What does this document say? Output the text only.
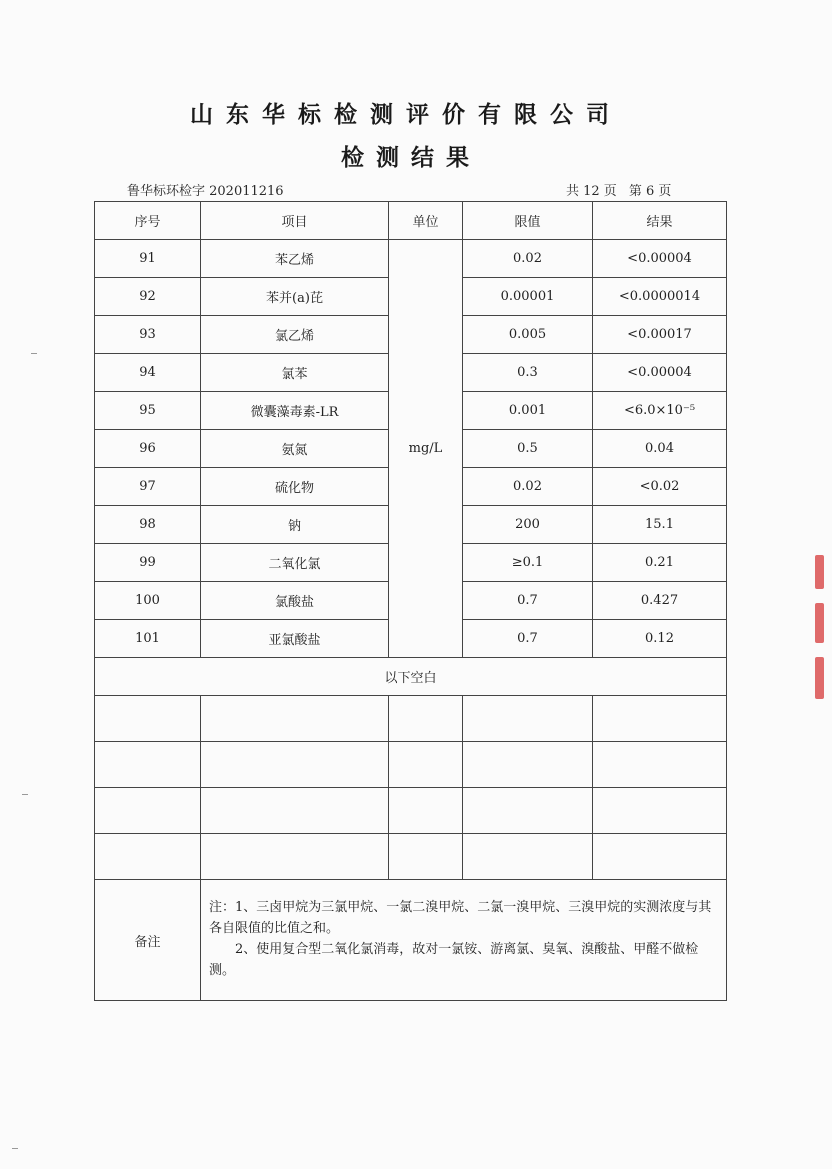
山东华标检测评价有限公司
检测结果
鲁华标环检字 202011216	共 12 页 第 6 页
序号	项目	单位	限值	结果
91	苯乙烯	mg/L	0.02	<0.00004
92	苯并(a)芘		0.00001	<0.0000014
93	氯乙烯		0.005	<0.00017
94	氯苯		0.3	<0.00004
95	微囊藻毒素-LR		0.001	<6.0×10⁻⁵
96	氨氮		0.5	0.04
97	硫化物		0.02	<0.02
98	钠		200	15.1
99	二氧化氯		≥0.1	0.21
100	氯酸盐		0.7	0.427
101	亚氯酸盐		0.7	0.12
以下空白				

备注	注：1、三卤甲烷为三氯甲烷、一氯二溴甲烷、二氯一溴甲烷、三溴甲烷的实测浓度与其各自限值的比值之和。
2、使用复合型二氧化氯消毒，故对一氯铵、游离氯、臭氧、溴酸盐、甲醛不做检测。			
